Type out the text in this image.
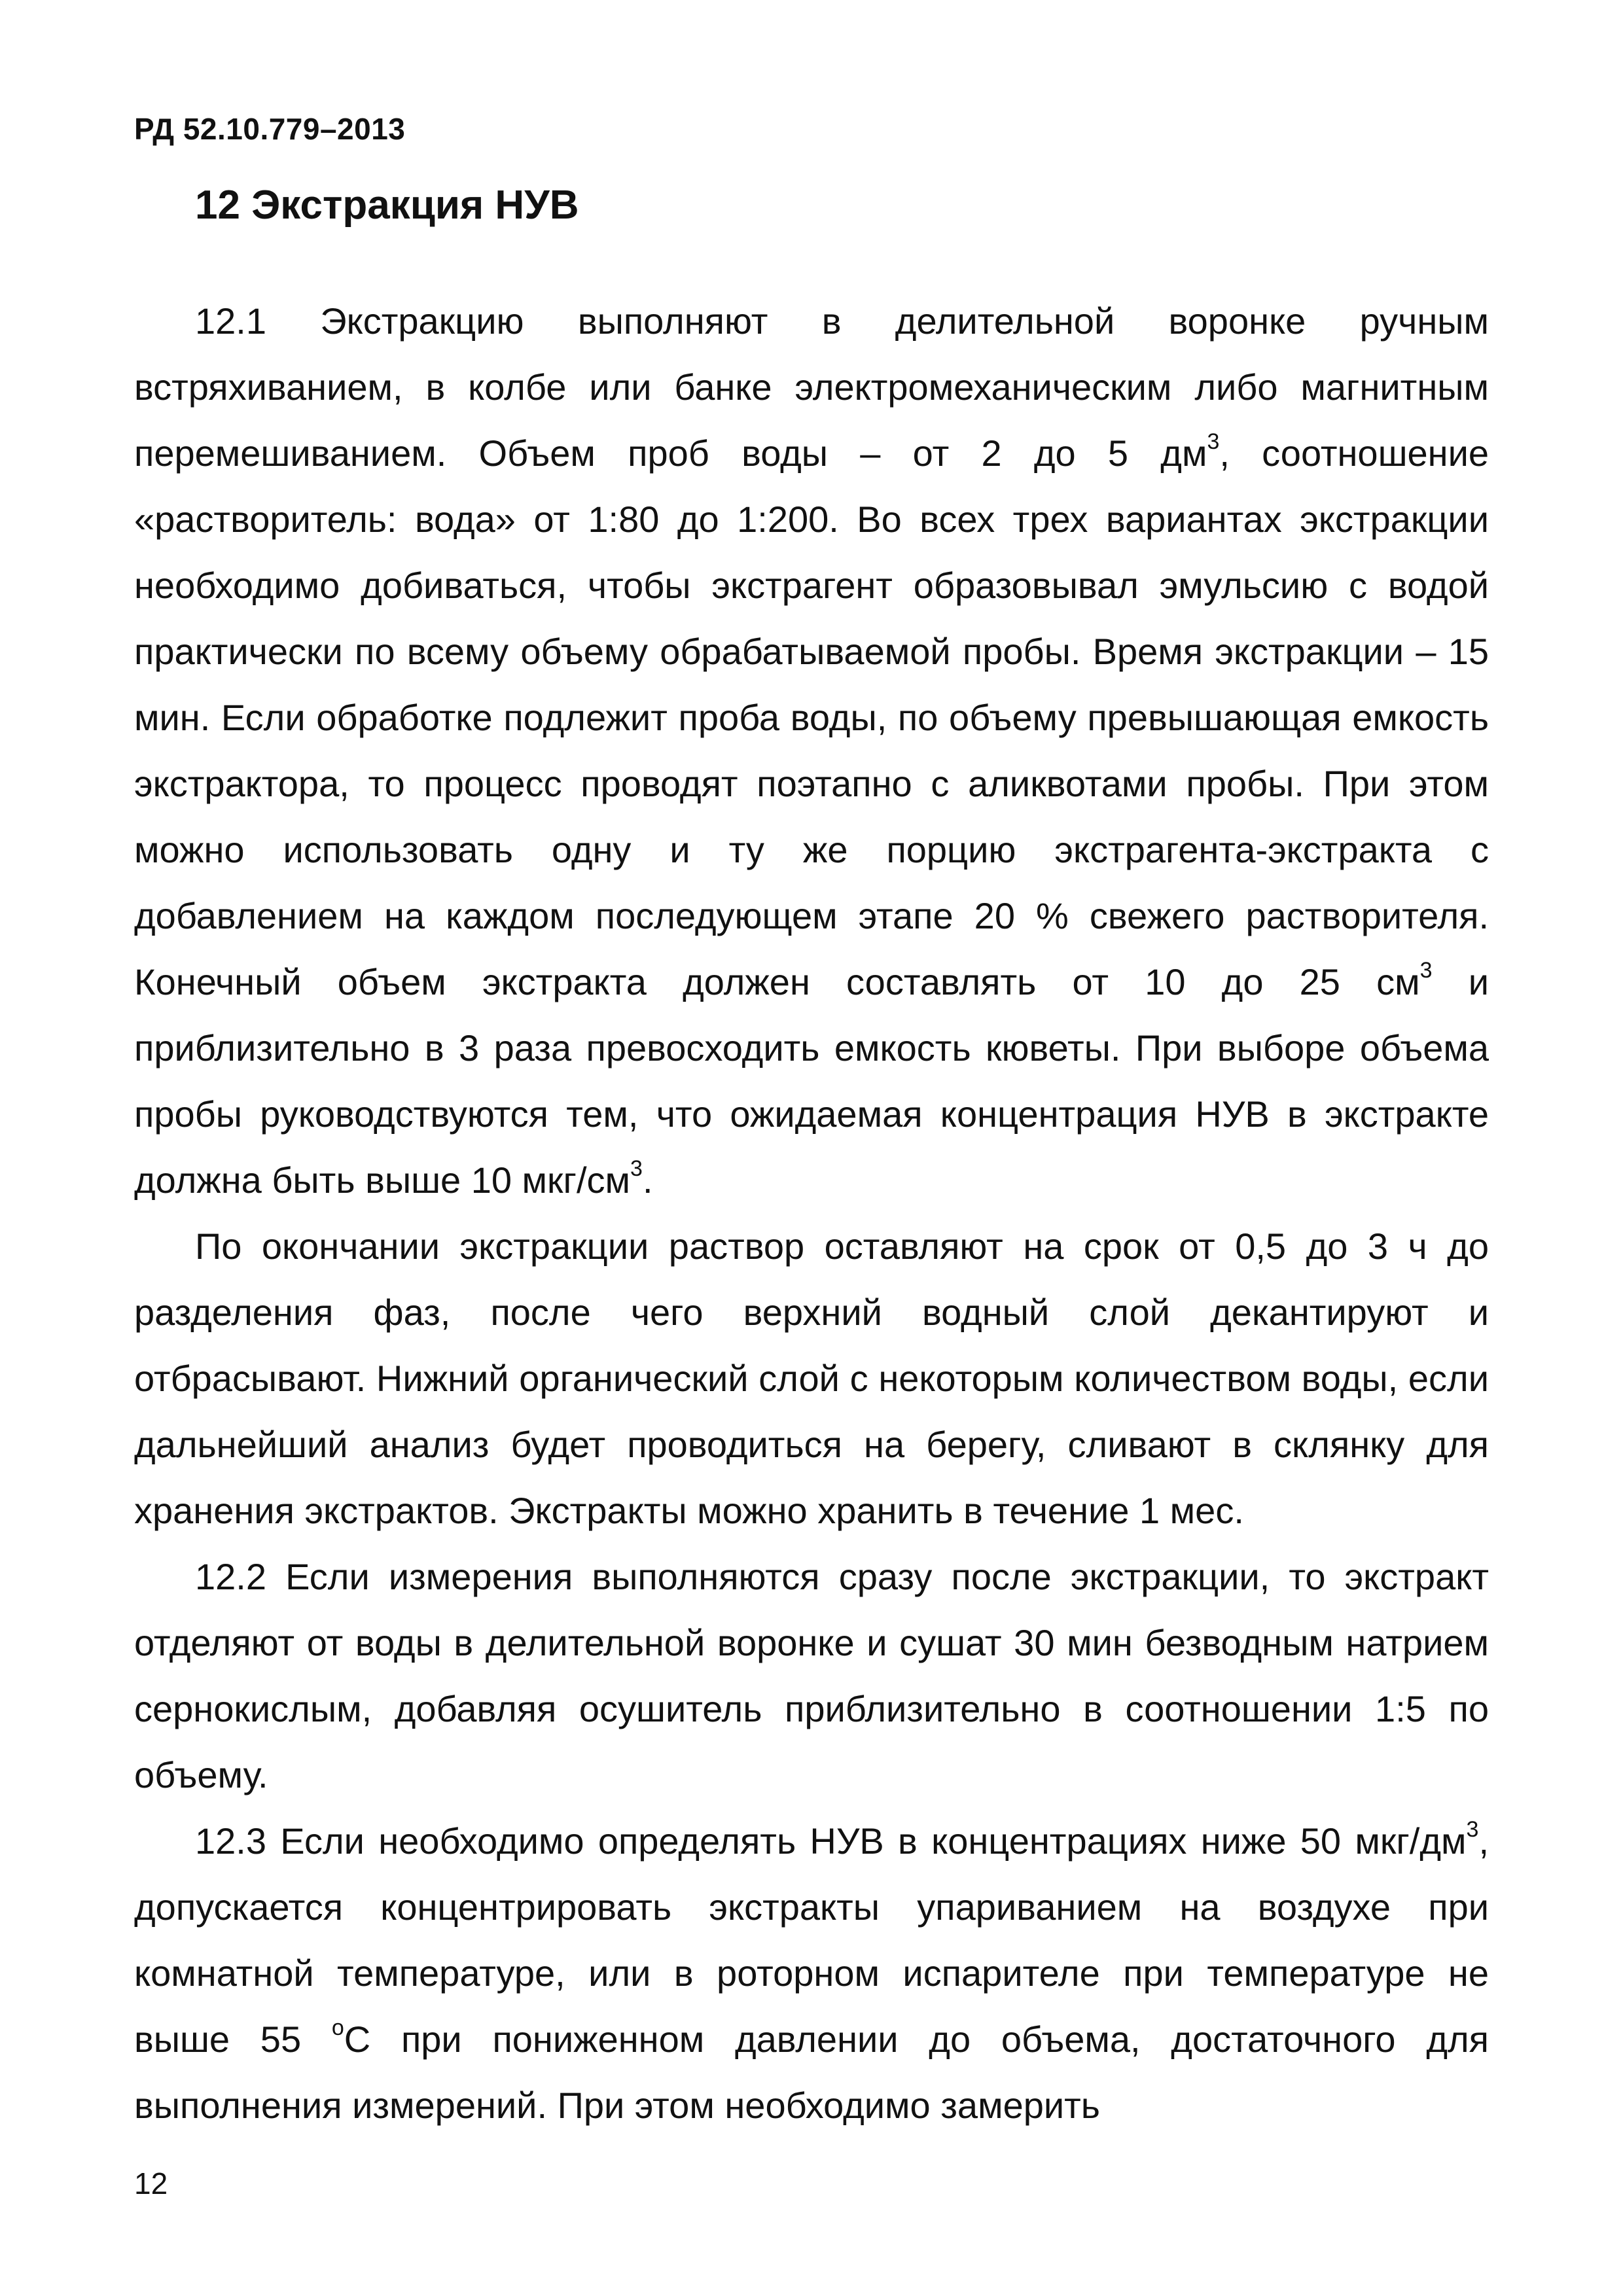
РД 52.10.779–2013
12 Экстракция НУВ

12.1 Экстракцию выполняют в делительной воронке ручным встряхиванием, в колбе или банке электромеханическим либо магнитным перемешиванием. Объем проб воды – от 2 до 5 $дм^3$, соотношение «растворитель: вода» от 1:80 до 1:200. Во всех трех вариантах экстракции необходимо добиваться, чтобы экстрагент образовывал эмульсию с водой практически по всему объему обрабатываемой пробы. Время экстракции – 15 мин. Если обработке подлежит проба воды, по объему превышающая емкость экстрактора, то процесс проводят поэтапно с аликвотами пробы. При этом можно использовать одну и ту же порцию экстрагента-экстракта с добавлением на каждом последующем этапе 20 % свежего растворителя. Конечный объем экстракта должен составлять от 10 до 25 $см^3$ и приблизительно в 3 раза превосходить емкость кюветы. При выборе объема пробы руководствуются тем, что ожидаемая концентрация НУВ в экстракте должна быть выше 10 мкг/$см^3$.

По окончании экстракции раствор оставляют на срок от 0,5 до 3 ч до разделения фаз, после чего верхний водный слой декантируют и отбрасывают. Нижний органический слой с некоторым количеством воды, если дальнейший анализ будет проводиться на берегу, сливают в склянку для хранения экстрактов. Экстракты можно хранить в течение 1 мес.

12.2 Если измерения выполняются сразу после экстракции, то экстракт отделяют от воды в делительной воронке и сушат 30 мин безводным натрием сернокислым, добавляя осушитель приблизительно в соотношении 1:5 по объему.

12.3 Если необходимо определять НУВ в концентрациях ниже 50 мкг/$дм^3$, допускается концентрировать экстракты упариванием на воздухе при комнатной температуре, или в роторном испарителе при температуре не выше 55 $^o$С при пониженном давлении до объема, достаточного для выполнения измерений. При этом необходимо замерить

12
